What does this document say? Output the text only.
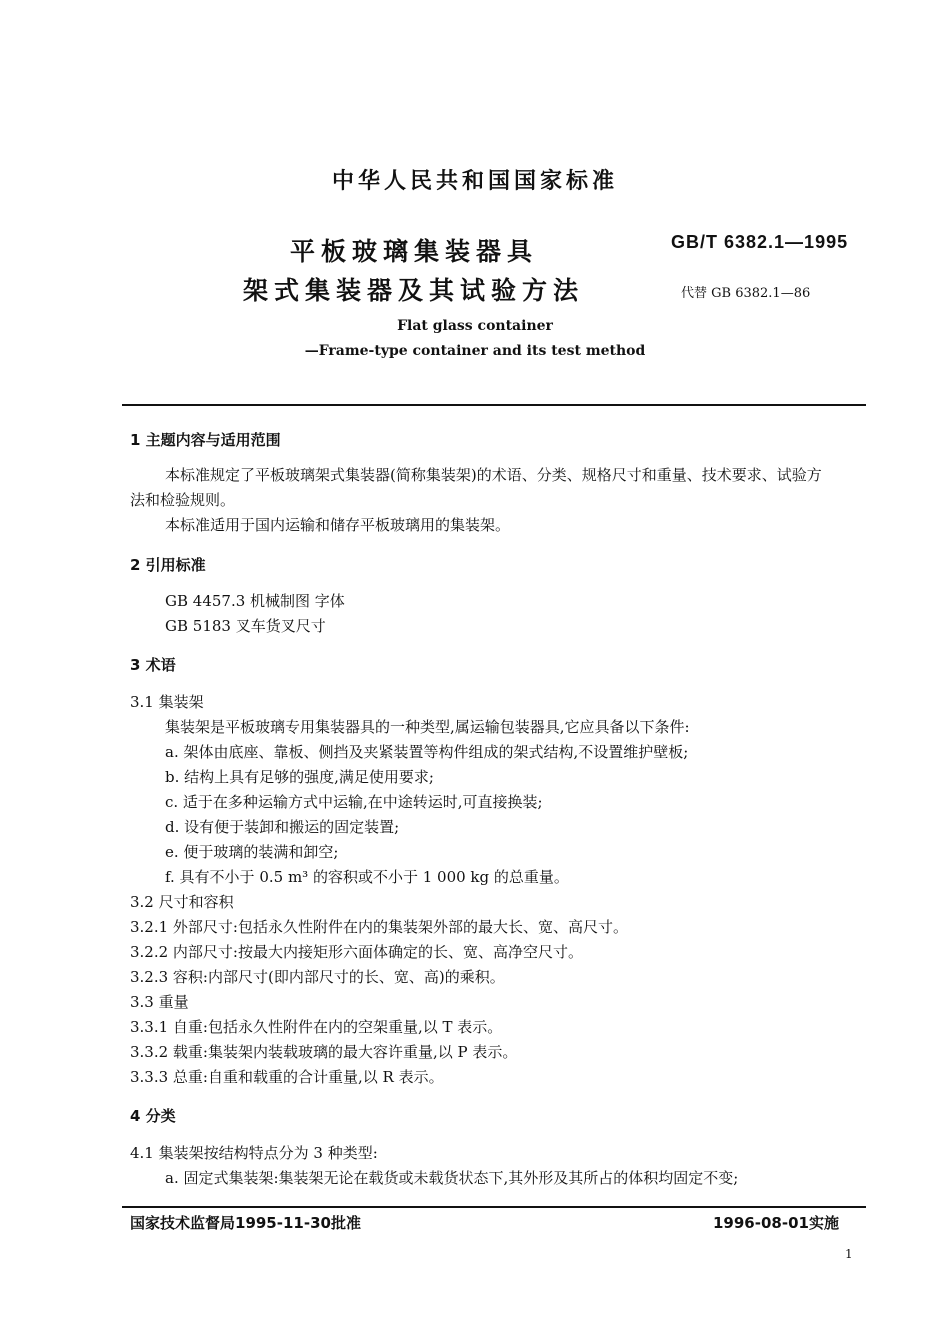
中华人民共和国国家标准
平板玻璃集装器具
架式集装器及其试验方法
GB/T 6382.1—1995
代替 GB 6382.1—86
Flat glass container
—Frame-type container and its test method
1 主题内容与适用范围
本标准规定了平板玻璃架式集装器(简称集装架)的术语、分类、规格尺寸和重量、技术要求、试验方
法和检验规则。
本标准适用于国内运输和储存平板玻璃用的集装架。
2 引用标准
GB 4457.3 机械制图 字体
GB 5183 叉车货叉尺寸
3 术语
3.1 集装架
集装架是平板玻璃专用集装器具的一种类型,属运输包装器具,它应具备以下条件:
a. 架体由底座、靠板、侧挡及夹紧装置等构件组成的架式结构,不设置维护壁板;
b. 结构上具有足够的强度,满足使用要求;
c. 适于在多种运输方式中运输,在中途转运时,可直接换装;
d. 设有便于装卸和搬运的固定装置;
e. 便于玻璃的装满和卸空;
f. 具有不小于 0.5 m³ 的容积或不小于 1 000 kg 的总重量。
3.2 尺寸和容积
3.2.1 外部尺寸:包括永久性附件在内的集装架外部的最大长、宽、高尺寸。
3.2.2 内部尺寸:按最大内接矩形六面体确定的长、宽、高净空尺寸。
3.2.3 容积:内部尺寸(即内部尺寸的长、宽、高)的乘积。
3.3 重量
3.3.1 自重:包括永久性附件在内的空架重量,以 T 表示。
3.3.2 载重:集装架内装载玻璃的最大容许重量,以 P 表示。
3.3.3 总重:自重和载重的合计重量,以 R 表示。
4 分类
4.1 集装架按结构特点分为 3 种类型:
a. 固定式集装架:集装架无论在载货或未载货状态下,其外形及其所占的体积均固定不变;
国家技术监督局1995-11-30批准	1996-08-01实施
1
